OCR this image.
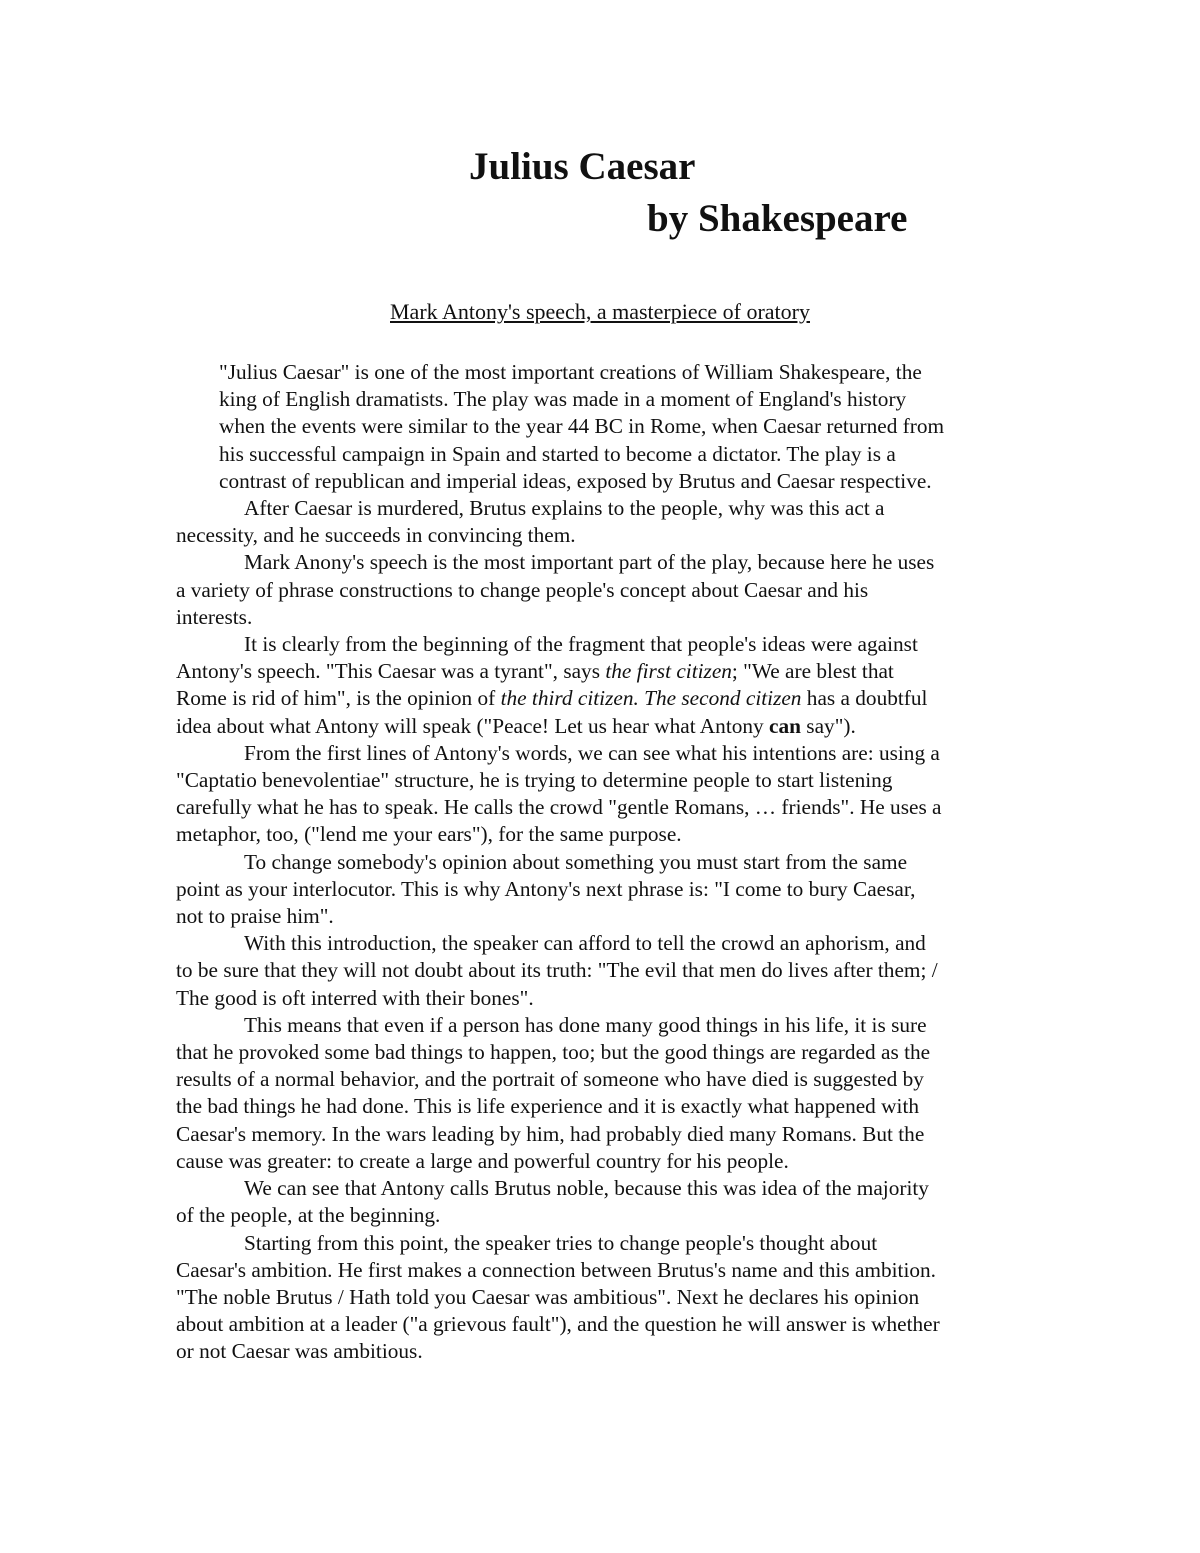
Julius Caesar
by Shakespeare
Mark Antony's speech, a masterpiece of oratory

"Julius Caesar" is one of the most important creations of William Shakespeare, the
king of English dramatists. The play was made in a moment of England's history
when the events were similar to the year 44 BC in Rome, when Caesar returned from
his successful campaign in Spain and started to become a dictator. The play is a
contrast of republican and imperial ideas, exposed by Brutus and Caesar respective.

After Caesar is murdered, Brutus explains to the people, why was this act a
necessity, and he succeeds in convincing them.

Mark Anony's speech is the most important part of the play, because here he uses
a variety of phrase constructions to change people's concept about Caesar and his
interests.

It is clearly from the beginning of the fragment that people's ideas were against
Antony's speech. "This Caesar was a tyrant", says the first citizen; "We are blest that
Rome is rid of him", is the opinion of the third citizen. The second citizen has a doubtful
idea about what Antony will speak ("Peace! Let us hear what Antony can say").

From the first lines of Antony's words, we can see what his intentions are: using a
"Captatio benevolentiae" structure, he is trying to determine people to start listening
carefully what he has to speak. He calls the crowd "gentle Romans, … friends". He uses a
metaphor, too, ("lend me your ears"), for the same purpose.

To change somebody's opinion about something you must start from the same
point as your interlocutor. This is why Antony's next phrase is: "I come to bury Caesar,
not to praise him".

With this introduction, the speaker can afford to tell the crowd an aphorism, and
to be sure that they will not doubt about its truth: "The evil that men do lives after them; /
The good is oft interred with their bones".

This means that even if a person has done many good things in his life, it is sure
that he provoked some bad things to happen, too; but the good things are regarded as the
results of a normal behavior, and the portrait of someone who have died is suggested by
the bad things he had done. This is life experience and it is exactly what happened with
Caesar's memory. In the wars leading by him, had probably died many Romans. But the
cause was greater: to create a large and powerful country for his people.

We can see that Antony calls Brutus noble, because this was idea of the majority
of the people, at the beginning.

Starting from this point, the speaker tries to change people's thought about
Caesar's ambition. He first makes a connection between Brutus's name and this ambition.
"The noble Brutus / Hath told you Caesar was ambitious". Next he declares his opinion
about ambition at a leader ("a grievous fault"), and the question he will answer is whether
or not Caesar was ambitious.
